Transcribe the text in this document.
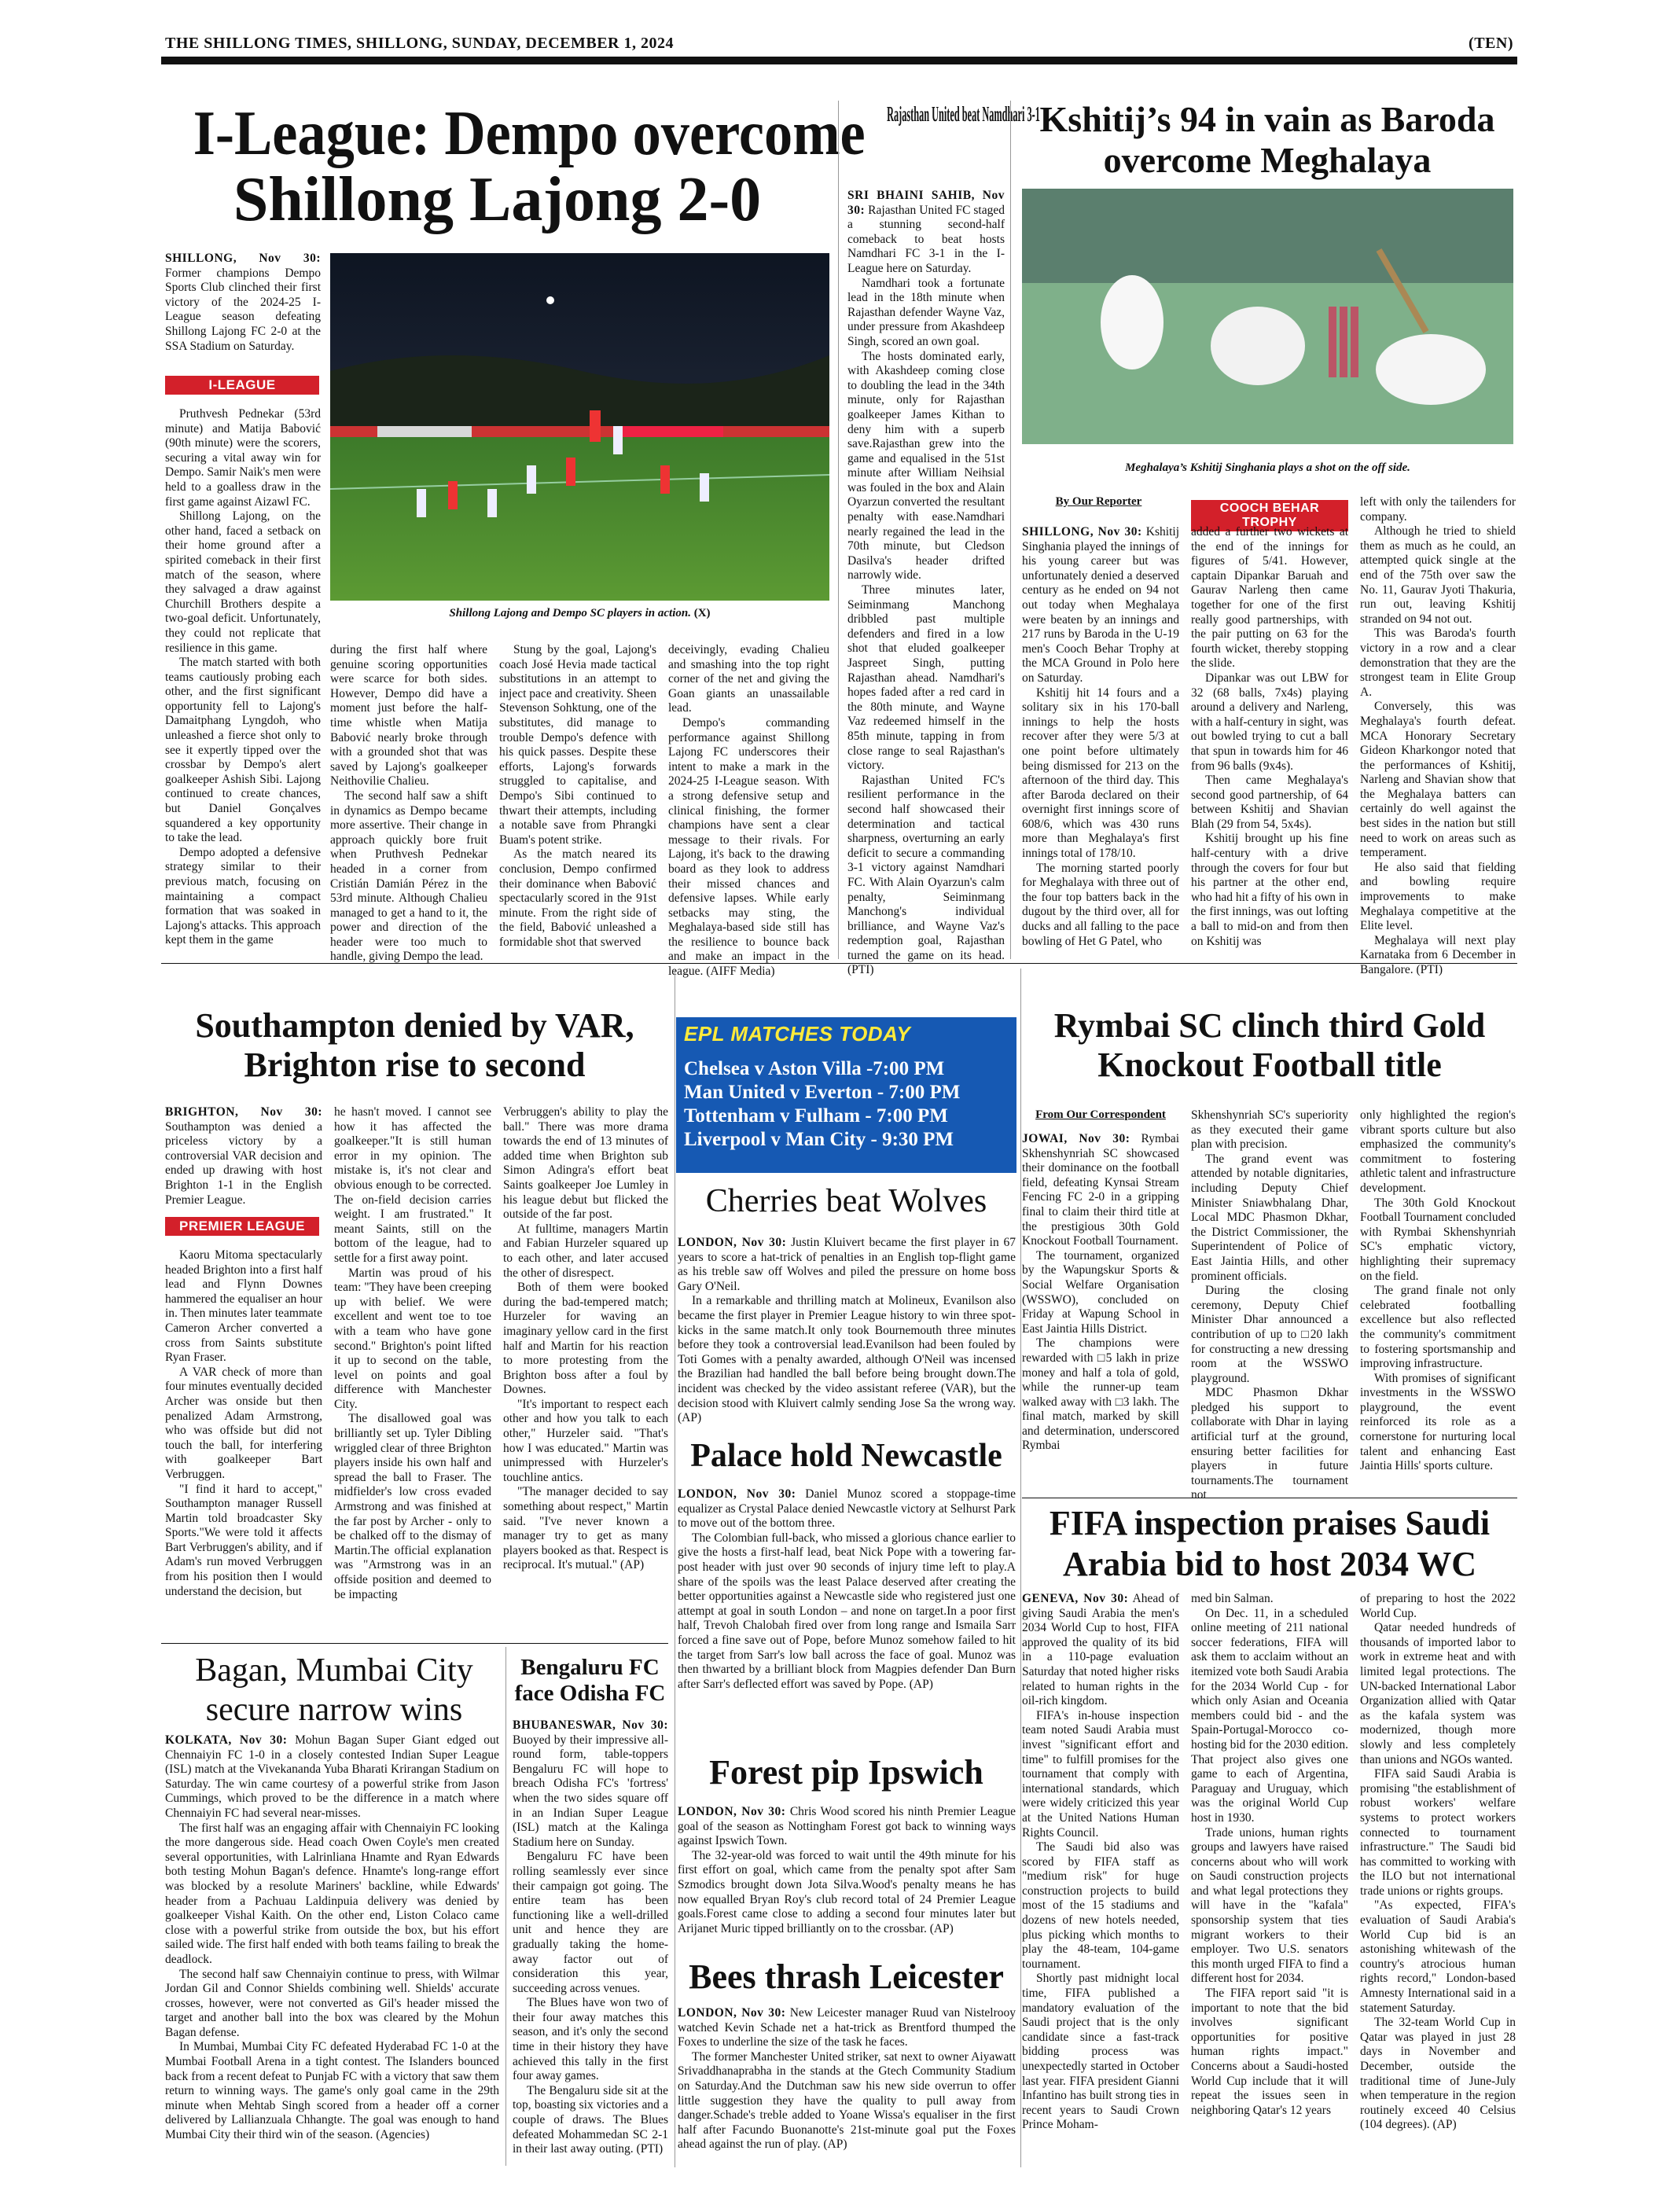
THE SHILLONG TIMES, SHILLONG, SUNDAY, DECEMBER 1, 2024	(TEN)
I-League: Dempo overcome
Shillong Lajong 2-0

SHILLONG, Nov 30: Former champions Dempo Sports Club clinched their first victory of the 2024-25 I-League season defeating Shillong Lajong FC 2-0 at the SSA Stadium on Saturday.

I-LEAGUE

Pruthvesh Pednekar (53rd minute) and Matija Babović (90th minute) were the scorers, securing a vital away win for Dempo. Samir Naik's men were held to a goalless draw in the first game against Aizawl FC.

Shillong Lajong, on the other hand, faced a setback on their home ground after a spirited comeback in their first match of the season, where they salvaged a draw against Churchill Brothers despite a two-goal deficit. Unfortunately, they could not replicate that resilience in this game.

The match started with both teams cautiously probing each other, and the first significant opportunity fell to Lajong's Damaitphang Lyngdoh, who unleashed a fierce shot only to see it expertly tipped over the crossbar by Dempo's alert goalkeeper Ashish Sibi. Lajong continued to create chances, but Daniel Gonçalves squandered a key opportunity to take the lead.

Dempo adopted a defensive strategy similar to their previous match, focusing on maintaining a compact formation that was soaked in Lajong's attacks. This approach kept them in the game

Shillong Lajong and Dempo SC players in action. (X)

during the first half where genuine scoring opportunities were scarce for both sides. However, Dempo did have a moment just before the half-time whistle when Matija Babović nearly broke through with a grounded shot that was saved by Lajong's goalkeeper Neithovilie Chalieu.

The second half saw a shift in dynamics as Dempo became more assertive. Their change in approach quickly bore fruit when Pruthvesh Pednekar headed in a corner from Cristián Damián Pérez in the 53rd minute. Although Chalieu managed to get a hand to it, the power and direction of the header were too much to handle, giving Dempo the lead.

Stung by the goal, Lajong's coach José Hevia made tactical substitutions in an attempt to inject pace and creativity. Sheen Stevenson Sohktung, one of the substitutes, did manage to trouble Dempo's defence with his quick passes. Despite these efforts, Lajong's forwards struggled to capitalise, and Dempo's Sibi continued to thwart their attempts, including a notable save from Phrangki Buam's potent strike.

As the match neared its conclusion, Dempo confirmed their dominance when Babović spectacularly scored in the 91st minute. From the right side of the field, Babović unleashed a formidable shot that swerved

deceivingly, evading Chalieu and smashing into the top right corner of the net and giving the Goan giants an unassailable lead.

Dempo's commanding performance against Shillong Lajong FC underscores their intent to make a mark in the 2024-25 I-League season. With a strong defensive setup and clinical finishing, the former champions have sent a clear message to their rivals. For Lajong, it's back to the drawing board as they look to address their missed chances and defensive lapses. While early setbacks may sting, the Meghalaya-based side still has the resilience to bounce back and make an impact in the league. (AIFF Media)

Rajasthan United beat Namdhari 3-1

SRI BHAINI SAHIB, Nov 30: Rajasthan United FC staged a stunning second-half comeback to beat hosts Namdhari FC 3-1 in the I-League here on Saturday.

Namdhari took a fortunate lead in the 18th minute when Rajasthan defender Wayne Vaz, under pressure from Akashdeep Singh, scored an own goal.

The hosts dominated early, with Akashdeep coming close to doubling the lead in the 34th minute, only for Rajasthan goalkeeper James Kithan to deny him with a superb save.Rajasthan grew into the game and equalised in the 51st minute after William Neihsial was fouled in the box and Alain Oyarzun converted the resultant penalty with ease.Namdhari nearly regained the lead in the 70th minute, but Cledson Dasilva's header drifted narrowly wide.

Three minutes later, Seiminmang Manchong dribbled past multiple defenders and fired in a low shot that eluded goalkeeper Jaspreet Singh, putting Rajasthan ahead. Namdhari's hopes faded after a red card in the 80th minute, and Wayne Vaz redeemed himself in the 85th minute, tapping in from close range to seal Rajasthan's victory.

Rajasthan United FC's resilient performance in the second half showcased their determination and tactical sharpness, overturning an early deficit to secure a commanding 3-1 victory against Namdhari FC. With Alain Oyarzun's calm penalty, Seiminmang Manchong's individual brilliance, and Wayne Vaz's redemption goal, Rajasthan turned the game on its head. (PTI)

Kshitij’s 94 in vain as Baroda
overcome Meghalaya
Meghalaya’s Kshitij Singhania plays a shot on the off side.
By Our Reporter

SHILLONG, Nov 30: Kshitij Singhania played the innings of his young career but was unfortunately denied a deserved century as he ended on 94 not out today when Meghalaya were beaten by an innings and 217 runs by Baroda in the U-19 men's Cooch Behar Trophy at the MCA Ground in Polo here on Saturday.

Kshitij hit 14 fours and a solitary six in his 170-ball innings to help the hosts recover after they were 5/3 at one point before ultimately being dismissed for 213 on the afternoon of the third day. This after Baroda declared on their overnight first innings score of 608/6, which was 430 runs more than Meghalaya's first innings total of 178/10.

The morning started poorly for Meghalaya with three out of the four top batters back in the dugout by the third over, all for ducks and all falling to the pace bowling of Het G Patel, who

COOCH BEHAR TROPHY

added a further two wickets at the end of the innings for figures of 5/41. However, captain Dipankar Baruah and Gaurav Narleng then came together for one of the first really good partnerships, with the pair putting on 63 for the fourth wicket, thereby stopping the slide.

Dipankar was out LBW for 32 (68 balls, 7x4s) playing around a delivery and Narleng, with a half-century in sight, was out bowled trying to cut a ball that spun in towards him for 46 from 96 balls (9x4s).

Then came Meghalaya's second good partnership, of 64 between Kshitij and Shavian Blah (29 from 54, 5x4s).

Kshitij brought up his fine half-century with a drive through the covers for four but his partner at the other end, who had hit a fifty of his own in the first innings, was out lofting a ball to mid-on and from then on Kshitij was

left with only the tailenders for company.

Although he tried to shield them as much as he could, an attempted quick single at the end of the 75th over saw the No. 11, Gaurav Jyoti Thakuria, run out, leaving Kshitij stranded on 94 not out.

This was Baroda's fourth victory in a row and a clear demonstration that they are the strongest team in Elite Group A.

Conversely, this was Meghalaya's fourth defeat. MCA Honorary Secretary Gideon Kharkongor noted that the performances of Kshitij, Narleng and Shavian show that the Meghalaya batters can certainly do well against the best sides in the nation but still need to work on areas such as temperament.

He also said that fielding and bowling require improvements to make Meghalaya competitive at the Elite level.

Meghalaya will next play Karnataka from 6 December in Bangalore. (PTI)

Southampton denied by VAR,
Brighton rise to second

BRIGHTON, Nov 30: Southampton was denied a priceless victory by a controversial VAR decision and ended up drawing with host Brighton 1-1 in the English Premier League.

PREMIER LEAGUE

Kaoru Mitoma spectacularly headed Brighton into a first half lead and Flynn Downes hammered the equaliser an hour in. Then minutes later teammate Cameron Archer converted a cross from Saints substitute Ryan Fraser.

A VAR check of more than four minutes eventually decided Archer was onside but then penalized Adam Armstrong, who was offside but did not touch the ball, for interfering with goalkeeper Bart Verbruggen.

"I find it hard to accept," Southampton manager Russell Martin told broadcaster Sky Sports."We were told it affects Bart Verbruggen's ability, and if Adam's run moved Verbruggen from his position then I would understand the decision, but

he hasn't moved. I cannot see how it has affected the goalkeeper."It is still human error in my opinion. The mistake is, it's not clear and obvious enough to be corrected. The on-field decision carries weight. I am frustrated." It meant Saints, still on the bottom of the league, had to settle for a first away point.

Martin was proud of his team: "They have been creeping up with belief. We were excellent and went toe to toe with a team who have gone second." Brighton's point lifted it up to second on the table, level on points and goal difference with Manchester City.

The disallowed goal was brilliantly set up. Tyler Dibling wriggled clear of three Brighton players inside his own half and spread the ball to Fraser. The midfielder's low cross evaded Armstrong and was finished at the far post by Archer - only to be chalked off to the dismay of Martin.The official explanation was "Armstrong was in an offside position and deemed to be impacting

Verbruggen's ability to play the ball." There was more drama towards the end of 13 minutes of added time when Brighton sub Simon Adingra's effort beat Saints goalkeeper Joe Lumley in his league debut but flicked the outside of the far post.

At fulltime, managers Martin and Fabian Hurzeler squared up to each other, and later accused the other of disrespect.

Both of them were booked during the bad-tempered match; Hurzeler for waving an imaginary yellow card in the first half and Martin for his reaction to more protesting from the Brighton boss after a foul by Downes.

"It's important to respect each other and how you talk to each other," Hurzeler said. "That's how I was educated." Martin was unimpressed with Hurzeler's touchline antics.

"The manager decided to say something about respect," Martin said. "I've never known a manager try to get as many players booked as that. Respect is reciprocal. It's mutual." (AP)

Bagan, Mumbai City
secure narrow wins

KOLKATA, Nov 30: Mohun Bagan Super Giant edged out Chennaiyin FC 1-0 in a closely contested Indian Super League (ISL) match at the Vivekananda Yuba Bharati Krirangan Stadium on Saturday. The win came courtesy of a powerful strike from Jason Cummings, which proved to be the difference in a match where Chennaiyin FC had several near-misses.

The first half was an engaging affair with Chennaiyin FC looking the more dangerous side. Head coach Owen Coyle's men created several opportunities, with Lalrinliana Hnamte and Ryan Edwards both testing Mohun Bagan's defence. Hnamte's long-range effort was blocked by a resolute Mariners' backline, while Edwards' header from a Pachuau Laldinpuia delivery was denied by goalkeeper Vishal Kaith. On the other end, Liston Colaco came close with a powerful strike from outside the box, but his effort sailed wide. The first half ended with both teams failing to break the deadlock.

The second half saw Chennaiyin continue to press, with Wilmar Jordan Gil and Connor Shields combining well. Shields' accurate crosses, however, were not converted as Gil's header missed the target and another ball into the box was cleared by the Mohun Bagan defense.

In Mumbai, Mumbai City FC defeated Hyderabad FC 1-0 at the Mumbai Football Arena in a tight contest. The Islanders bounced back from a recent defeat to Punjab FC with a victory that saw them return to winning ways. The game's only goal came in the 29th minute when Mehtab Singh scored from a header off a corner delivered by Lallianzuala Chhangte. The goal was enough to hand Mumbai City their third win of the season. (Agencies)

Bengaluru FC
face Odisha FC

BHUBANESWAR, Nov 30: Buoyed by their impressive all-round form, table-toppers Bengaluru FC will hope to breach Odisha FC's 'fortress' when the two sides square off in an Indian Super League (ISL) match at the Kalinga Stadium here on Sunday.

Bengaluru FC have been rolling seamlessly ever since their campaign got going. The entire team has been functioning like a well-drilled unit and hence they are gradually taking the home-away factor out of consideration this year, succeeding across venues.

The Blues have won two of their four away matches this season, and it's only the second time in their history they have achieved this tally in the first four away games.

The Bengaluru side sit at the top, boasting six victories and a couple of draws. The Blues defeated Mohammedan SC 2-1 in their last away outing. (PTI)

EPL MATCHES TODAY
Chelsea v Aston Villa -7:00 PM
Man United v Everton - 7:00 PM
Tottenham v Fulham - 7:00 PM
Liverpool v Man City - 9:30 PM
Cherries beat Wolves

LONDON, Nov 30: Justin Kluivert became the first player in 67 years to score a hat-trick of penalties in an English top-flight game as his treble saw off Wolves and piled the pressure on home boss Gary O'Neil.

In a remarkable and thrilling match at Molineux, Evanilson also became the first player in Premier League history to win three spot-kicks in the same match.It only took Bournemouth three minutes before they took a controversial lead.Evanilson had been fouled by Toti Gomes with a penalty awarded, although O'Neil was incensed the Brazilian had handled the ball before being brought down.The incident was checked by the video assistant referee (VAR), but the decision stood with Kluivert calmly sending Jose Sa the wrong way. (AP)

Palace hold Newcastle

LONDON, Nov 30: Daniel Munoz scored a stoppage-time equalizer as Crystal Palace denied Newcastle victory at Selhurst Park to move out of the bottom three.

The Colombian full-back, who missed a glorious chance earlier to give the hosts a first-half lead, beat Nick Pope with a towering far-post header with just over 90 seconds of injury time left to play.A share of the spoils was the least Palace deserved after creating the better opportunities against a Newcastle side who registered just one attempt at goal in south London – and none on target.In a poor first half, Trevoh Chalobah fired over from long range and Ismaila Sarr forced a fine save out of Pope, before Munoz somehow failed to hit the target from Sarr's low ball across the face of goal. Munoz was then thwarted by a brilliant block from Magpies defender Dan Burn after Sarr's deflected effort was saved by Pope. (AP)

Forest pip Ipswich

LONDON, Nov 30: Chris Wood scored his ninth Premier League goal of the season as Nottingham Forest got back to winning ways against Ipswich Town.

The 32-year-old was forced to wait until the 49th minute for his first effort on goal, which came from the penalty spot after Sam Szmodics brought down Jota Silva.Wood's penalty means he has now equalled Bryan Roy's club record total of 24 Premier League goals.Forest came close to adding a second four minutes later but Arijanet Muric tipped brilliantly on to the crossbar. (AP)

Bees thrash Leicester

LONDON, Nov 30: New Leicester manager Ruud van Nistelrooy watched Kevin Schade net a hat-trick as Brentford thumped the Foxes to underline the size of the task he faces.

The former Manchester United striker, sat next to owner Aiyawatt Srivaddhanaprabha in the stands at the Gtech Community Stadium on Saturday.And the Dutchman saw his new side overrun to offer little suggestion they have the quality to pull away from danger.Schade's treble added to Yoane Wissa's equaliser in the first half after Facundo Buonanotte's 21st-minute goal put the Foxes ahead against the run of play. (AP)

Rymbai SC clinch third Gold
Knockout Football title
From Our Correspondent

JOWAI, Nov 30: Rymbai Skhenshynriah SC showcased their dominance on the football field, defeating Kynsai Stream Fencing FC 2-0 in a gripping final to claim their third title at the prestigious 30th Gold Knockout Football Tournament.

The tournament, organized by the Wapungskur Sports & Social Welfare Organisation (WSSWO), concluded on Friday at Wapung School in East Jaintia Hills District.

The champions were rewarded with □5 lakh in prize money and half a tola of gold, while the runner-up team walked away with □3 lakh. The final match, marked by skill and determination, underscored Rymbai

Skhenshynriah SC's superiority as they executed their game plan with precision.

The grand event was attended by notable dignitaries, including Deputy Chief Minister Sniawbhalang Dhar, Local MDC Phasmon Dkhar, the District Commissioner, the Superintendent of Police of East Jaintia Hills, and other prominent officials.

During the closing ceremony, Deputy Chief Minister Dhar announced a contribution of up to □20 lakh for constructing a new dressing room at the WSSWO playground.

MDC Phasmon Dkhar pledged his support to collaborate with Dhar in laying artificial turf at the ground, ensuring better facilities for players in future tournaments.The tournament not

only highlighted the region's vibrant sports culture but also emphasized the community's commitment to fostering athletic talent and infrastructure development.

The 30th Gold Knockout Football Tournament concluded with Rymbai Skhenshynriah SC's emphatic victory, highlighting their supremacy on the field.

The grand finale not only celebrated footballing excellence but also reflected the community's commitment to fostering sportsmanship and improving infrastructure.

With promises of significant investments in the WSSWO playground, the event reinforced its role as a cornerstone for nurturing local talent and enhancing East Jaintia Hills' sports culture.

FIFA inspection praises Saudi
Arabia bid to host 2034 WC

GENEVA, Nov 30: Ahead of giving Saudi Arabia the men's 2034 World Cup to host, FIFA approved the quality of its bid in a 110-page evaluation Saturday that noted higher risks related to human rights in the oil-rich kingdom.

FIFA's in-house inspection team noted Saudi Arabia must invest "significant effort and time" to fulfill promises for the tournament that comply with international standards, which were widely criticized this year at the United Nations Human Rights Council.

The Saudi bid also was scored by FIFA staff as "medium risk" for huge construction projects to build most of the 15 stadiums and dozens of new hotels needed, plus picking which months to play the 48-team, 104-game tournament.

Shortly past midnight local time, FIFA published a mandatory evaluation of the Saudi project that is the only candidate since a fast-track bidding process was unexpectedly started in October last year. FIFA president Gianni Infantino has built strong ties in recent years to Saudi Crown Prince Moham-

med bin Salman.

On Dec. 11, in a scheduled online meeting of 211 national soccer federations, FIFA will ask them to acclaim without an itemized vote both Saudi Arabia for the 2034 World Cup - for which only Asian and Oceania members could bid - and the Spain-Portugal-Morocco co-hosting bid for the 2030 edition. That project also gives one game to each of Argentina, Paraguay and Uruguay, which was the original World Cup host in 1930.

Trade unions, human rights groups and lawyers have raised concerns about who will work on Saudi construction projects and what legal protections they will have in the "kafala" sponsorship system that ties migrant workers to their employer. Two U.S. senators this month urged FIFA to find a different host for 2034.

The FIFA report said "it is important to note that the bid involves significant opportunities for positive human rights impact." Concerns about a Saudi-hosted World Cup include that it will repeat the issues seen in neighboring Qatar's 12 years

of preparing to host the 2022 World Cup.

Qatar needed hundreds of thousands of imported labor to work in extreme heat and with limited legal protections. The UN-backed International Labor Organization allied with Qatar as the kafala system was modernized, though more slowly and less completely than unions and NGOs wanted.

FIFA said Saudi Arabia is promising "the establishment of robust workers' welfare systems to protect workers connected to tournament infrastructure." The Saudi bid has committed to working with the ILO but not international trade unions or rights groups.

"As expected, FIFA's evaluation of Saudi Arabia's World Cup bid is an astonishing whitewash of the country's atrocious human rights record," London-based Amnesty International said in a statement Saturday.

The 32-team World Cup in Qatar was played in just 28 days in November and December, outside the traditional time of June-July when temperature in the region routinely exceed 40 Celsius (104 degrees). (AP)
